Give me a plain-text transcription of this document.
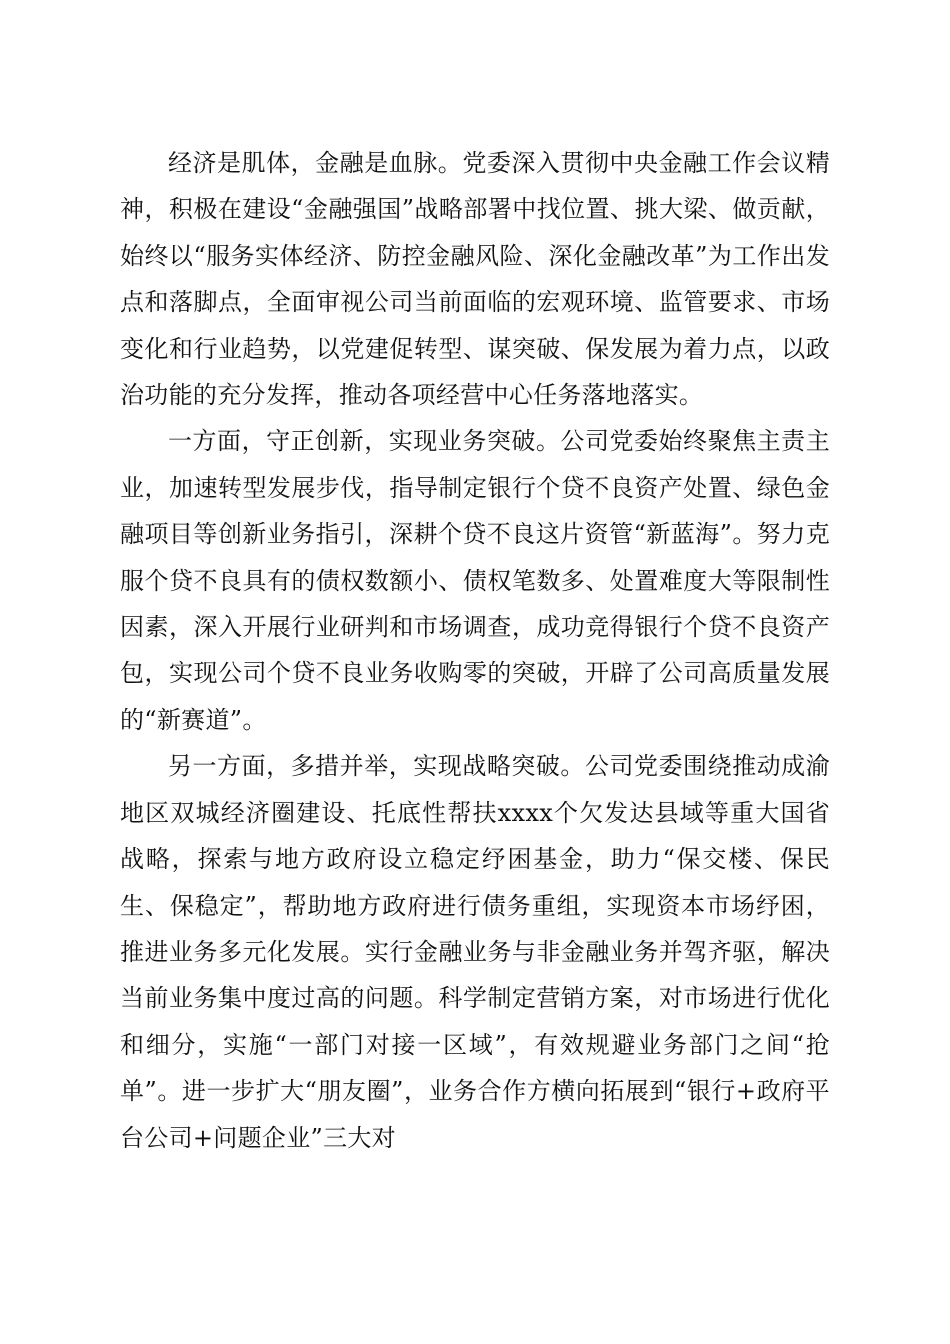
经济是肌体，金融是血脉。党委深入贯彻中央金融工作会议精神，积极在建设“金融强国”战略部署中找位置、挑大梁、做贡献，始终以“服务实体经济、防控金融风险、深化金融改革”为工作出发点和落脚点，全面审视公司当前面临的宏观环境、监管要求、市场变化和行业趋势，以党建促转型、谋突破、保发展为着力点，以政治功能的充分发挥，推动各项经营中心任务落地落实。

一方面，守正创新，实现业务突破。公司党委始终聚焦主责主业，加速转型发展步伐，指导制定银行个贷不良资产处置、绿色金融项目等创新业务指引，深耕个贷不良这片资管“新蓝海”。努力克服个贷不良具有的债权数额小、债权笔数多、处置难度大等限制性因素，深入开展行业研判和市场调查，成功竞得银行个贷不良资产包，实现公司个贷不良业务收购零的突破，开辟了公司高质量发展的“新赛道”。

另一方面，多措并举，实现战略突破。公司党委围绕推动成渝地区双城经济圈建设、托底性帮扶xxxx个欠发达县域等重大国省战略，探索与地方政府设立稳定纾困基金，助力“保交楼、保民生、保稳定”，帮助地方政府进行债务重组，实现资本市场纾困，推进业务多元化发展。实行金融业务与非金融业务并驾齐驱，解决当前业务集中度过高的问题。科学制定营销方案，对市场进行优化和细分，实施“一部门对接一区域”，有效规避业务部门之间“抢单”。进一步扩大“朋友圈”，业务合作方横向拓展到“银行+政府平台公司+问题企业”三大对
